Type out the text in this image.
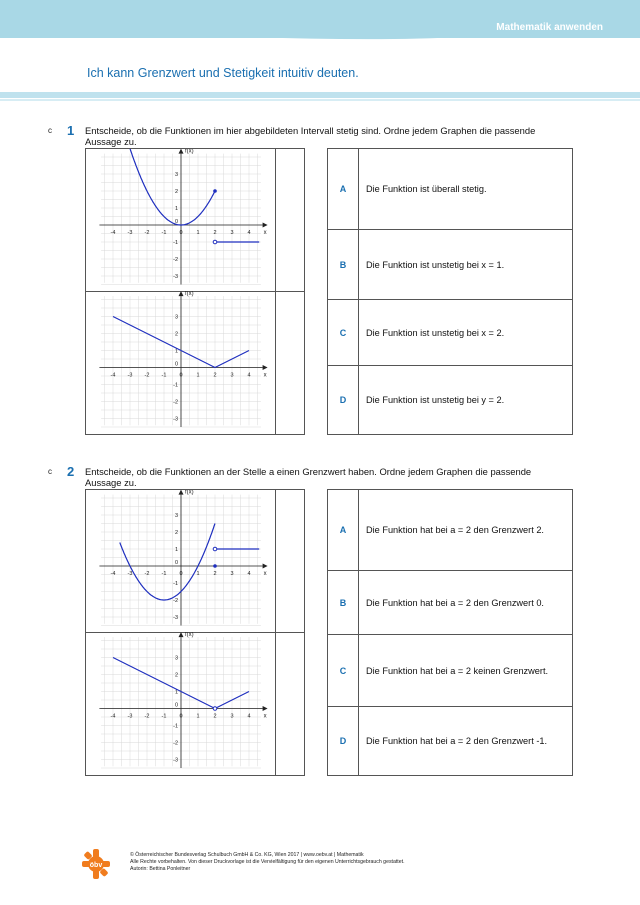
Mathematik anwenden
Ich kann Grenzwert und Stetigkeit intuitiv deuten.
c 1 Entscheide, ob die Funktionen im hier abgebildeten Intervall stetig sind. Ordne jedem Graphen die passende Aussage zu.
-4 -3 -2 -1 0	1	2	3	4
3
2
1
0
-1
-2
-3
x
f(x)
-4 -3 -2 -1 0	1	2	3	4
3
2
1
0
-1
-2
-3
x
f(x)
A	Die Funktion ist überall stetig.
B	Die Funktion ist unstetig bei x = 1.
C	Die Funktion ist unstetig bei x = 2.
D	Die Funktion ist unstetig bei y = 2.
c 2 Entscheide, ob die Funktionen an der Stelle a einen Grenzwert haben. Ordne jedem Graphen die passende Aussage zu.
-4 -3 -2 -1 0	1	2	3	4
3
2
1
0
-1
-2
-3
x
f(x)
-4 -3 -2 -1 0	1	2	3	4
3
2
1
0
-1
-2
-3
x
f(x)
A	Die Funktion hat bei a = 2 den Grenzwert 2.
B	Die Funktion hat bei a = 2 den Grenzwert 0.
C	Die Funktion hat bei a = 2 keinen Grenzwert.
D	Die Funktion hat bei a = 2 den Grenzwert -1.
öbv
© Österreichischer Bundesverlag Schulbuch GmbH & Co. KG, Wien 2017 | www.oebv.at | Mathematik
Alle Rechte vorbehalten. Von dieser Druckvorlage ist die Vervielfältigung für den eigenen Unterrichtsgebrauch gestattet.
Autorin: Bettina Ponleitner
